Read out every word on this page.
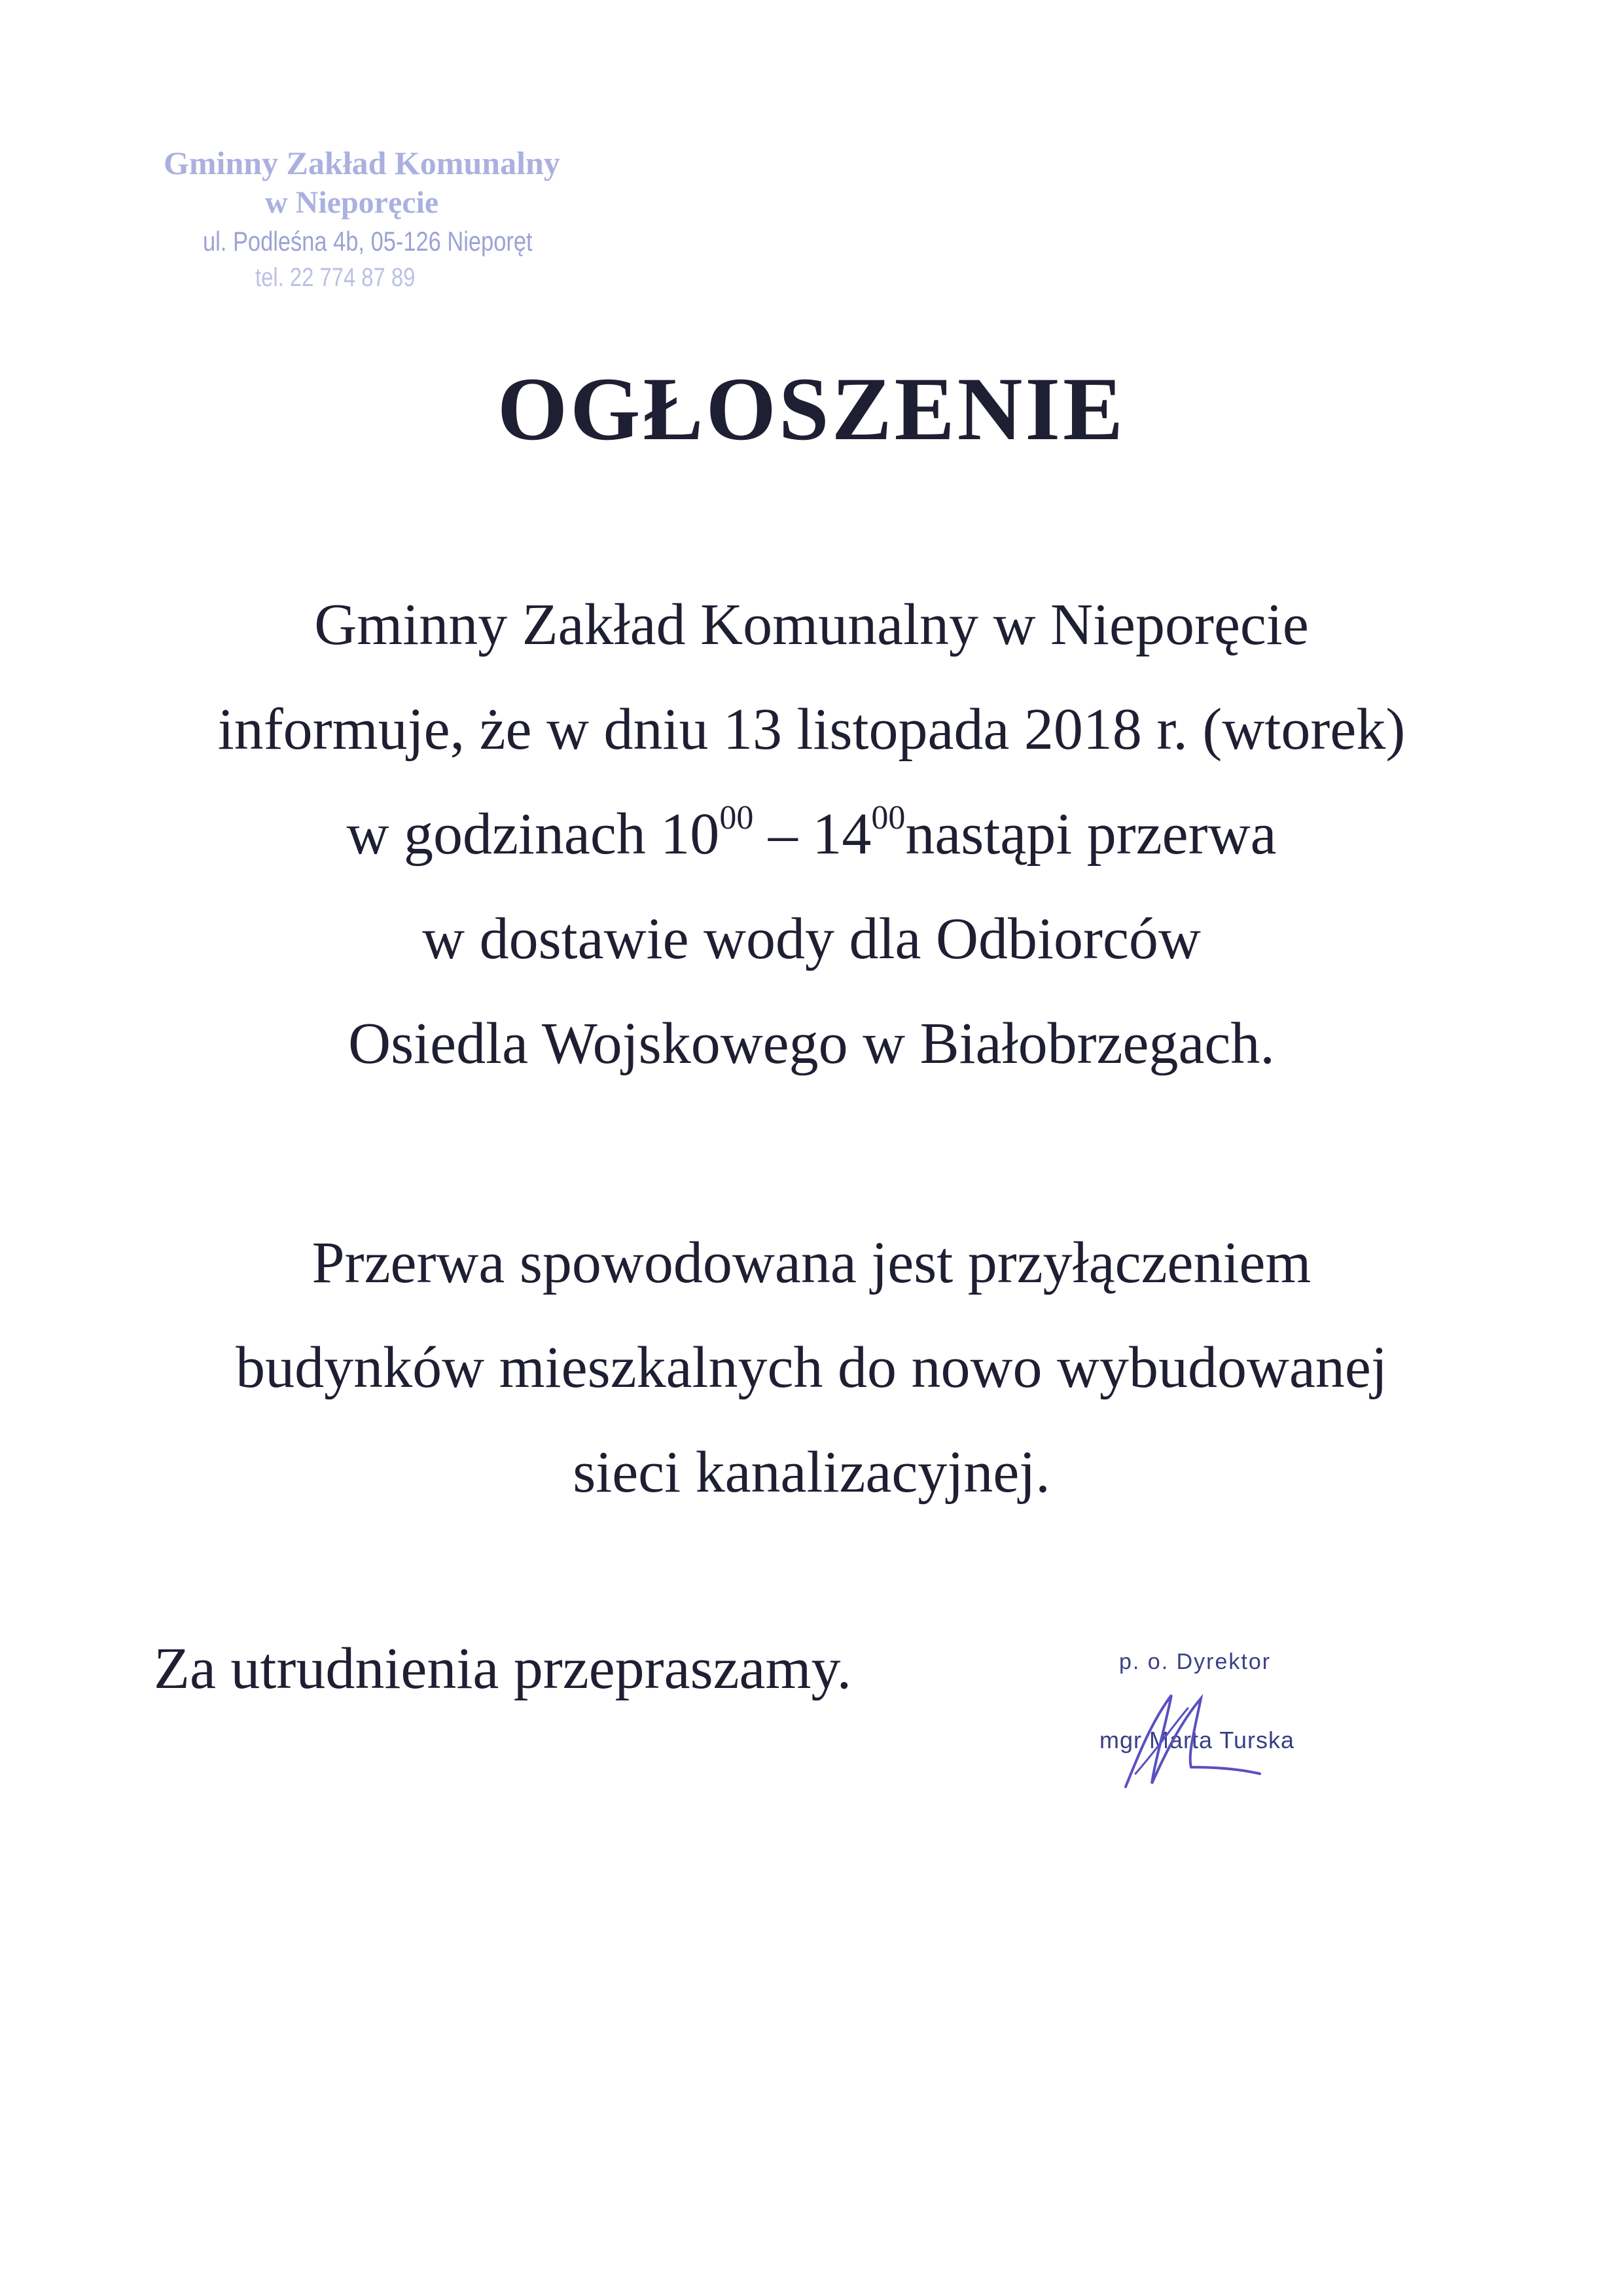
Gminny Zakład Komunalny
w Nieporęcie
ul. Podleśna 4b, 05-126 Nieporęt
tel. 22 774 87 89
OGŁOSZENIE
Gminny Zakład Komunalny w Nieporęcie
informuje, że w dniu 13 listopada 2018 r. (wtorek)
w godzinach $10^{00}$ – $14^{00}nastąpi$ przerwa
w dostawie wody dla Odbiorców
Osiedla Wojskowego w Białobrzegach.
Przerwa spowodowana jest przyłączeniem
budynków mieszkalnych do nowo wybudowanej
sieci kanalizacyjnej.
Za utrudnienia przepraszamy.	p. o. Dyrektor
mgr Marta Turska
